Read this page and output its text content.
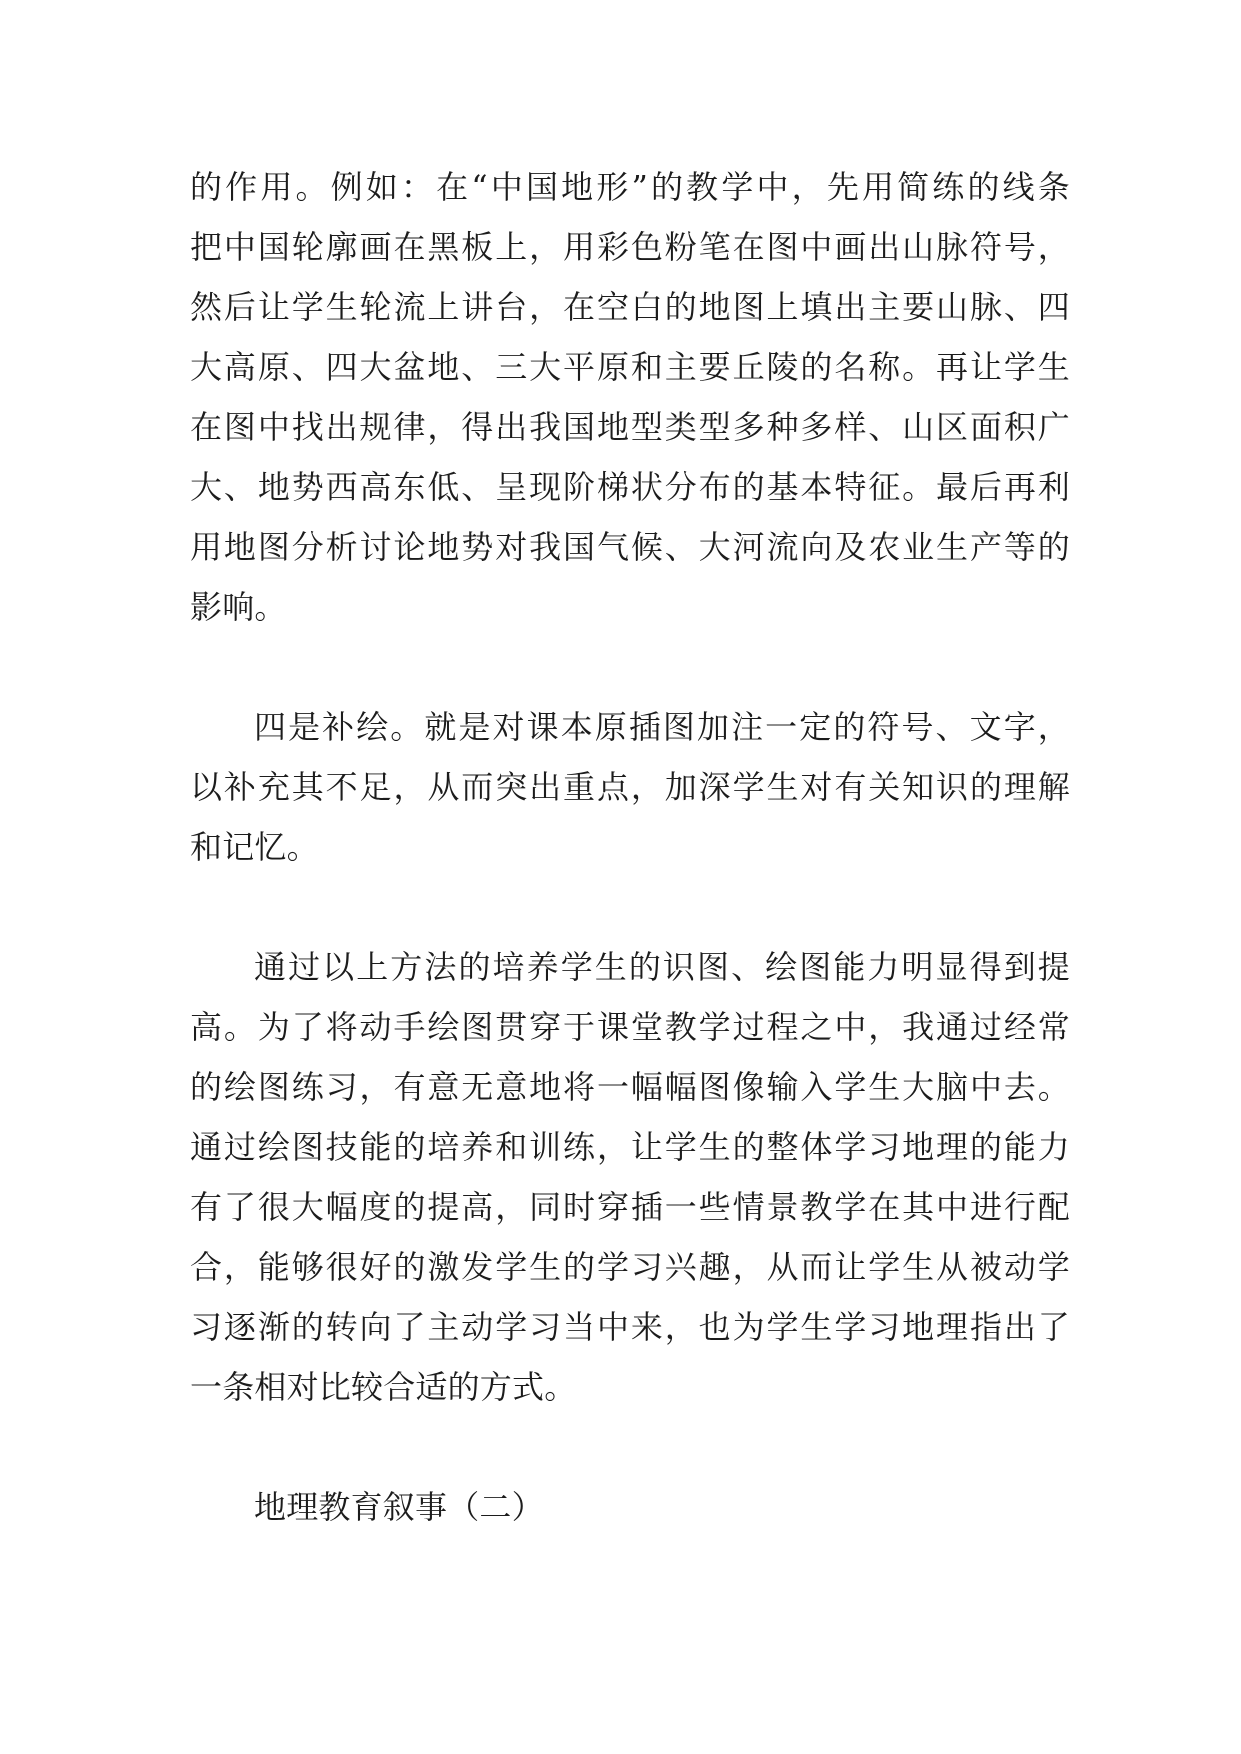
的作用。例如：在“中国地形”的教学中，先用简练的线条
把中国轮廓画在黑板上，用彩色粉笔在图中画出山脉符号，
然后让学生轮流上讲台，在空白的地图上填出主要山脉、四
大高原、四大盆地、三大平原和主要丘陵的名称。再让学生
在图中找出规律，得出我国地型类型多种多样、山区面积广
大、地势西高东低、呈现阶梯状分布的基本特征。最后再利
用地图分析讨论地势对我国气候、大河流向及农业生产等的
影响。
四是补绘。就是对课本原插图加注一定的符号、文字，
以补充其不足，从而突出重点，加深学生对有关知识的理解
和记忆。
通过以上方法的培养学生的识图、绘图能力明显得到提
高。为了将动手绘图贯穿于课堂教学过程之中，我通过经常
的绘图练习，有意无意地将一幅幅图像输入学生大脑中去。
通过绘图技能的培养和训练，让学生的整体学习地理的能力
有了很大幅度的提高，同时穿插一些情景教学在其中进行配
合，能够很好的激发学生的学习兴趣，从而让学生从被动学
习逐渐的转向了主动学习当中来，也为学生学习地理指出了
一条相对比较合适的方式。
地理教育叙事（二）
